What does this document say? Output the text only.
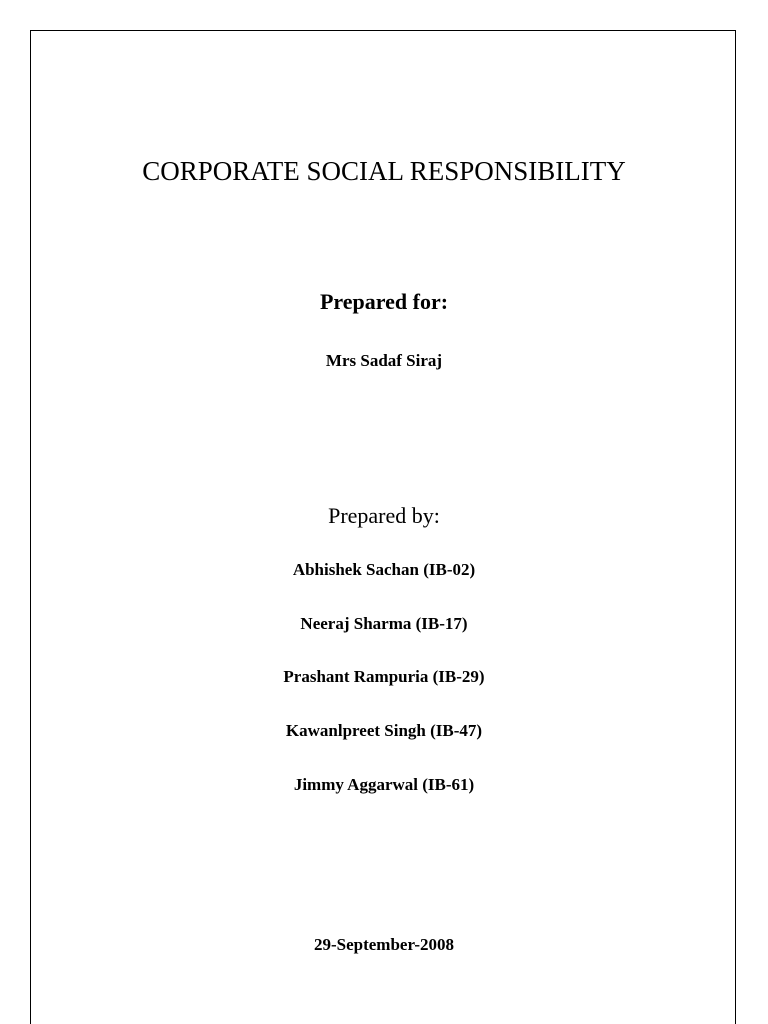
CORPORATE SOCIAL RESPONSIBILITY
Prepared for:
Mrs Sadaf Siraj
Prepared by:
Abhishek Sachan (IB-02)
Neeraj Sharma (IB-17)
Prashant Rampuria (IB-29)
Kawanlpreet Singh (IB-47)
Jimmy Aggarwal (IB-61)
29-September-2008
